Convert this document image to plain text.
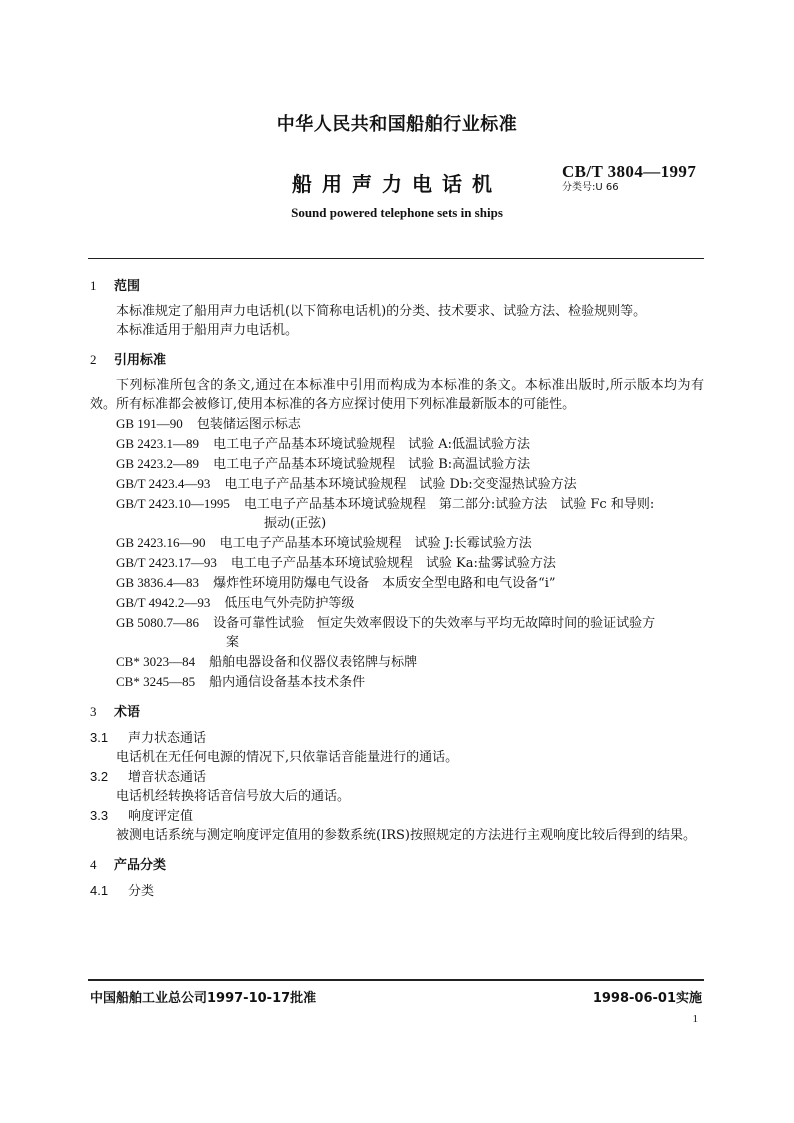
中华人民共和国船舶行业标准
船用声力电话机
CB/T 3804—1997
分类号:U 66
Sound powered telephone sets in ships
1 范围

本标准规定了船用声力电话机(以下简称电话机)的分类、技术要求、试验方法、检验规则等。

本标准适用于船用声力电话机。

2 引用标准

下列标准所包含的条文,通过在本标准中引用而构成为本标准的条文。本标准出版时,所示版本均为有效。所有标准都会被修订,使用本标准的各方应探讨使用下列标准最新版本的可能性。

GB 191—90 包装储运图示标志

GB 2423.1—89 电工电子产品基本环境试验规程　试验 A:低温试验方法

GB 2423.2—89 电工电子产品基本环境试验规程　试验 B:高温试验方法

GB/T 2423.4—93 电工电子产品基本环境试验规程　试验 Db:交变湿热试验方法

GB/T 2423.10—1995 电工电子产品基本环境试验规程　第二部分:试验方法　试验 Fc 和导则:
振动(正弦)

GB 2423.16—90 电工电子产品基本环境试验规程　试验 J:长霉试验方法

GB/T 2423.17—93 电工电子产品基本环境试验规程　试验 Ka:盐雾试验方法

GB 3836.4—83 爆炸性环境用防爆电气设备　本质安全型电路和电气设备“i”

GB/T 4942.2—93 低压电气外壳防护等级

GB 5080.7—86 设备可靠性试验　恒定失效率假设下的失效率与平均无故障时间的验证试验方
案

CB* 3023—84 船舶电器设备和仪器仪表铭牌与标牌

CB* 3245—85 船内通信设备基本技术条件

3 术语
3.1 声力状态通话

电话机在无任何电源的情况下,只依靠话音能量进行的通话。

3.2 增音状态通话

电话机经转换将话音信号放大后的通话。

3.3 响度评定值

被测电话系统与测定响度评定值用的参数系统(IRS)按照规定的方法进行主观响度比较后得到的结果。

4 产品分类
4.1 分类
中国船舶工业总公司1997-10-17批准	1998-06-01实施
1
